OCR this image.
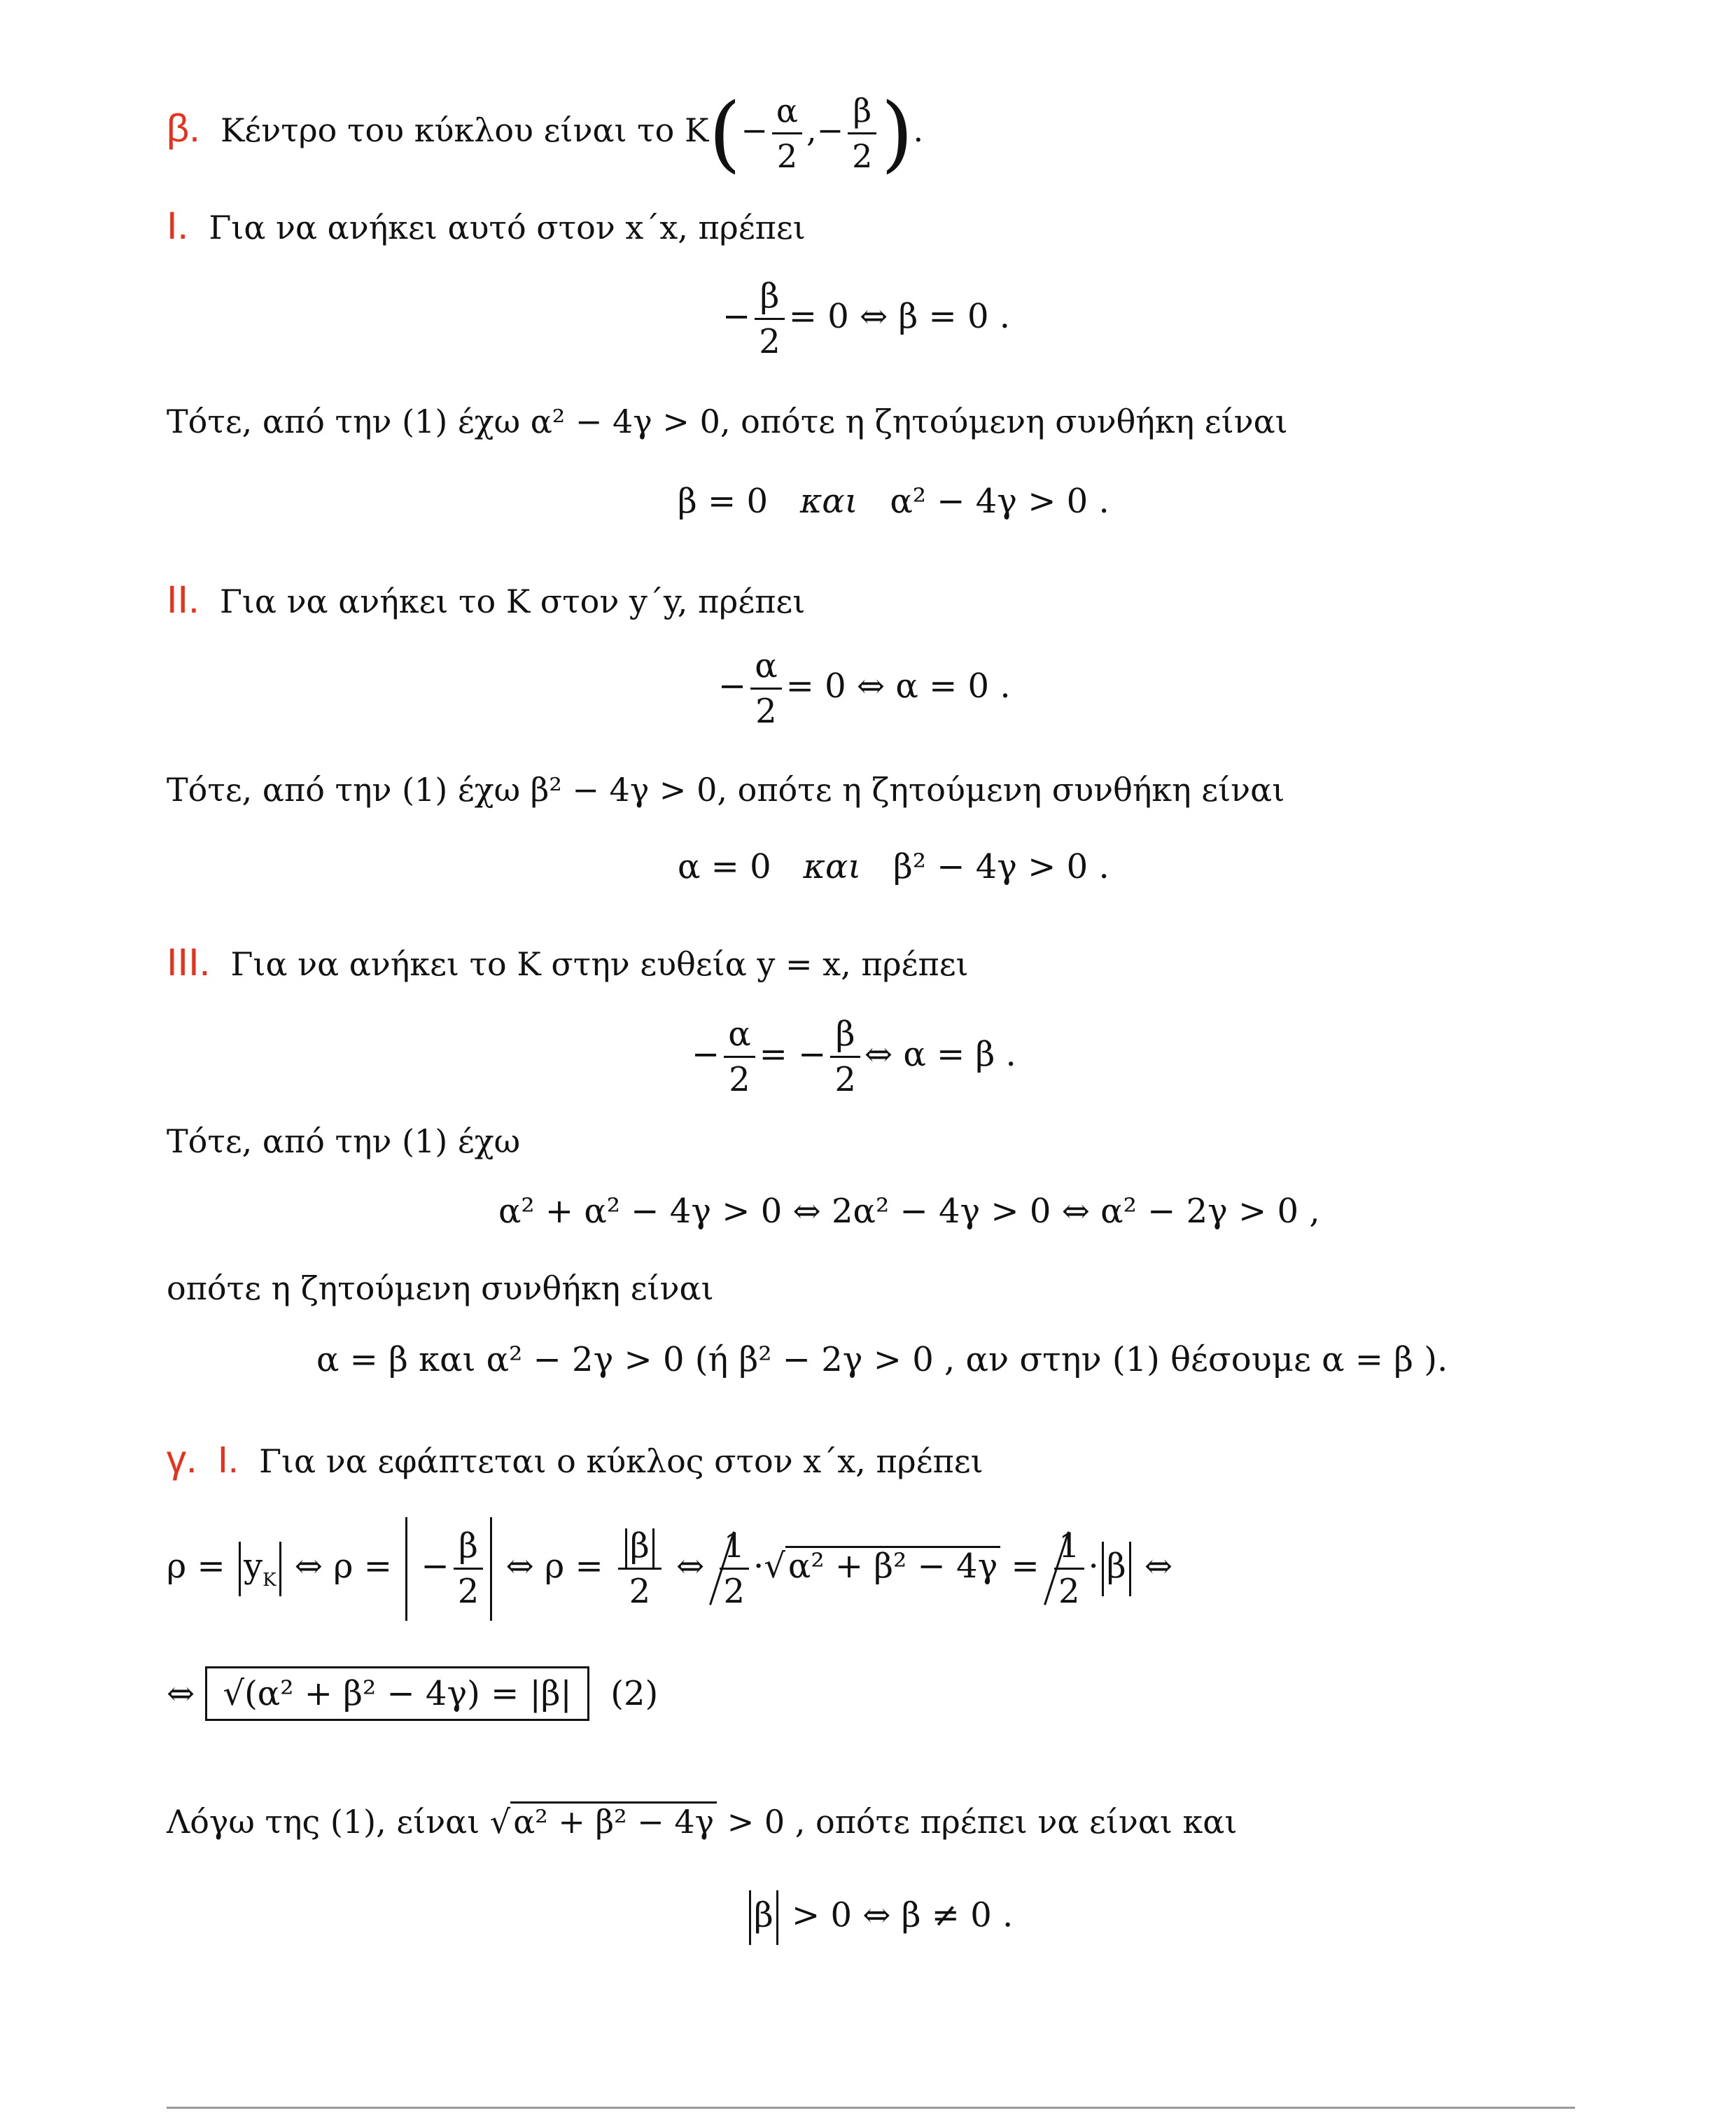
β. Κέντρο του κύκλου είναι το $K(- \frac{\alpha}{2}$ ,− $\frac{\beta}{2}$ ).
Ι. Για να ανήκει αυτό στον x΄x, πρέπει
− $\frac{\beta}{2} = 0$ ⇔ β = 0 .
Τότε, από την (1) έχω α² − 4γ > 0, οπότε η ζητούμενη συνθήκη είναι
β = 0 και α² − 4γ > 0 .
ΙΙ. Για να ανήκει το Κ στον y΄y, πρέπει
− $\frac{\alpha}{2} = 0$ ⇔ α = 0 .
Τότε, από την (1) έχω β² − 4γ > 0, οπότε η ζητούμενη συνθήκη είναι
α = 0 και β² − 4γ > 0 .
ΙΙΙ. Για να ανήκει το Κ στην ευθεία y = x, πρέπει
− $\frac{\alpha}{2}$ = − $\frac{\beta}{2}$ ⇔ α = β .
Τότε, από την (1) έχω
α² + α² − 4γ > 0 ⇔ 2α² − 4γ > 0 ⇔ α² − 2γ > 0 ,
οπότε η ζητούμενη συνθήκη είναι
α = β και α² − 2γ > 0 (ή β² − 2γ > 0 , αν στην (1) θέσουμε α = β ).
γ. Ι. Για να εφάπτεται ο κύκλος στον x΄x, πρέπει
$\rho = y_K$ ⇔ ρ =  − $\frac{\beta}{2}$ ⇔ $\rho = \frac{\beta}{2}$ ⇔ $\frac{1}{2} \cdot√\alpha^2 + \beta^2 - 4\gamma = \frac{1}{2} \cdot \beta$ ⇔
⇔ √(α² + β² − 4γ) = |β| (2)
Λόγω της (1), είναι √α² + β² − 4γ > 0 , οπότε πρέπει να είναι και
β > 0 ⇔ β ≠ 0 .
